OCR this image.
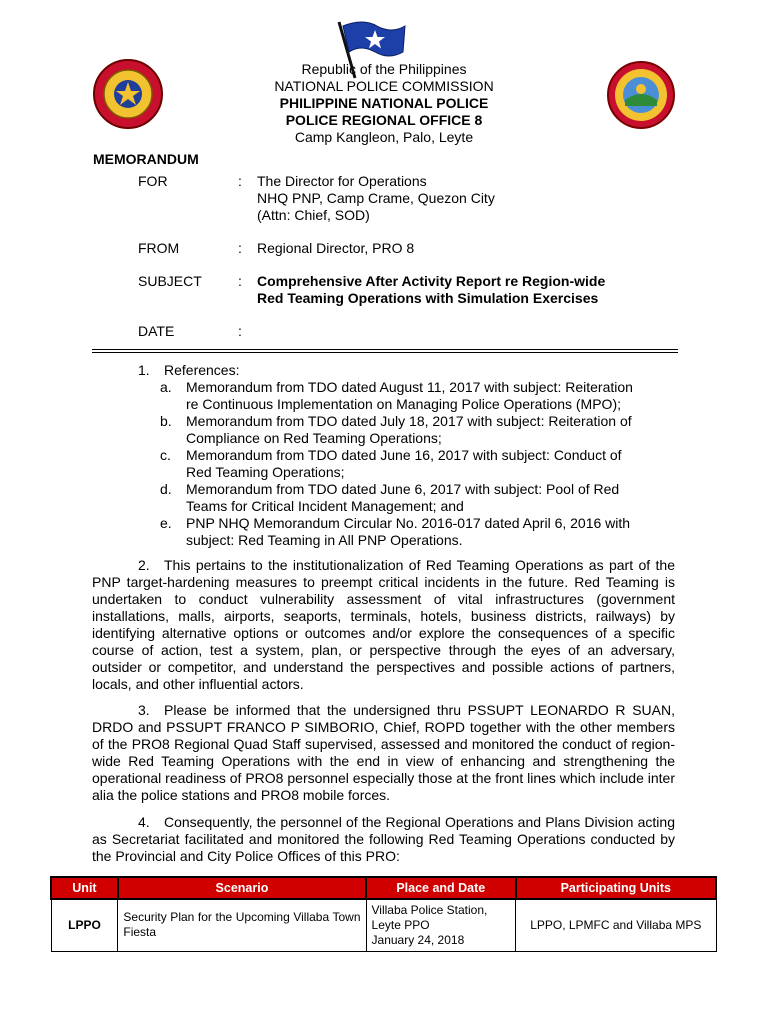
Republic of the Philippines
NATIONAL POLICE COMMISSION
PHILIPPINE NATIONAL POLICE
POLICE REGIONAL OFFICE 8
Camp Kangleon, Palo, Leyte
MEMORANDUM
FOR	: The Director for Operations
NHQ PNP, Camp Crame, Quezon City
(Attn: Chief, SOD)
FROM	: Regional Director, PRO 8
SUBJECT	: Comprehensive After Activity Report re Region-wide
Red Teaming Operations with Simulation Exercises
DATE	:
1. References:
a. Memorandum from TDO dated August 11, 2017 with subject: Reiteration
re Continuous Implementation on Managing Police Operations (MPO);
b. Memorandum from TDO dated July 18, 2017 with subject: Reiteration of
Compliance on Red Teaming Operations;
c. Memorandum from TDO dated June 16, 2017 with subject: Conduct of
Red Teaming Operations;
d. Memorandum from TDO dated June 6, 2017 with subject: Pool of Red
Teams for Critical Incident Management; and
e. PNP NHQ Memorandum Circular No. 2016-017 dated April 6, 2016 with
subject: Red Teaming in All PNP Operations.
2. This pertains to the institutionalization of Red Teaming Operations as part of the PNP target-hardening measures to preempt critical incidents in the future. Red Teaming is undertaken to conduct vulnerability assessment of vital infrastructures (government installations, malls, airports, seaports, terminals, hotels, business districts, railways) by identifying alternative options or outcomes and/or explore the consequences of a specific course of action, test a system, plan, or perspective through the eyes of an adversary, outsider or competitor, and understand the perspectives and possible actions of partners, locals, and other influential actors.
3. Please be informed that the undersigned thru PSSUPT LEONARDO R SUAN, DRDO and PSSUPT FRANCO P SIMBORIO, Chief, ROPD together with the other members of the PRO8 Regional Quad Staff supervised, assessed and monitored the conduct of region-wide Red Teaming Operations with the end in view of enhancing and strengthening the operational readiness of PRO8 personnel especially those at the front lines which include inter alia the police stations and PRO8 mobile forces.
4. Consequently, the personnel of the Regional Operations and Plans Division acting as Secretariat facilitated and monitored the following Red Teaming Operations conducted by the Provincial and City Police Offices of this PRO:
Unit	Scenario	Place and Date	Participating Units
LPPO	Security Plan for the Upcoming Villaba Town Fiesta	Villaba Police Station,
Leyte PPO
January 24, 2018	LPPO, LPMFC and Villaba MPS
